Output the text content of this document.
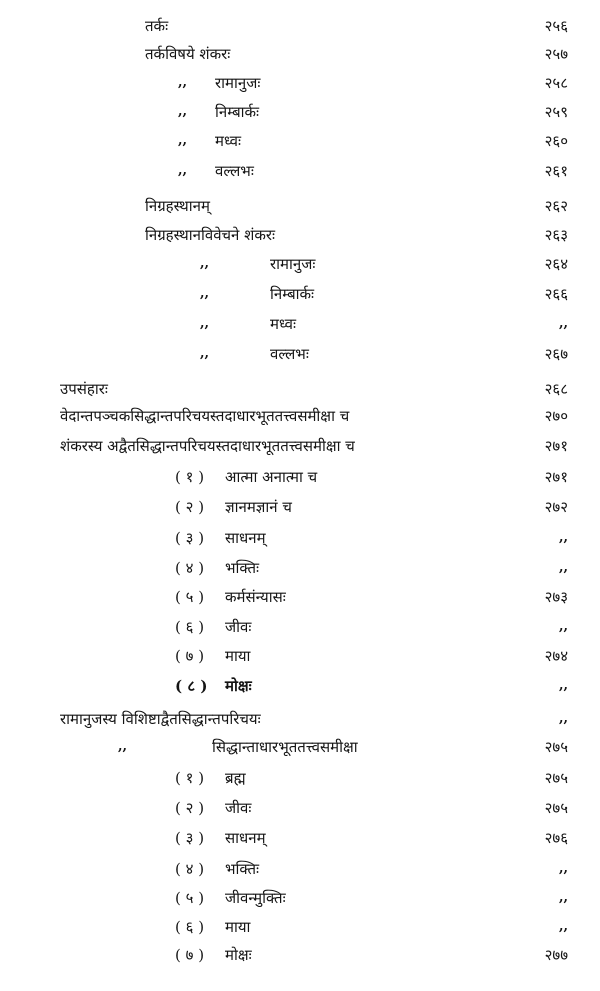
तर्कः	२५६
तर्कविषये शंकरः	२५७
,, रामानुजः	२५८
,, निम्बार्कः	२५९
,, मध्वः	२६०
,, वल्लभः	२६१
निग्रहस्थानम्	२६२
निग्रहस्थानविवेचने शंकरः	२६३
,,	रामानुजः	२६४
,,	निम्बार्कः	२६६
,,	मध्वः	,,
,,	वल्लभः	२६७
उपसंहारः	२६८
वेदान्तपञ्चकसिद्धान्तपरिचयस्तदाधारभूततत्त्वसमीक्षा च	२७०
शंकरस्य अद्वैतसिद्धान्तपरिचयस्तदाधारभूततत्त्वसमीक्षा च	२७१
( १ ) आत्मा अनात्मा च	२७१
( २ ) ज्ञानमज्ञानं च	२७२
( ३ ) साधनम्	,,
( ४ ) भक्तिः	,,
( ५ ) कर्मसंन्यासः	२७३
( ६ ) जीवः	,,
( ७ ) माया	२७४
( ८ ) मोक्षः	,,
रामानुजस्य विशिष्टाद्वैतसिद्धान्तपरिचयः	,,
,,	सिद्धान्ताधारभूततत्त्वसमीक्षा	२७५
( १ ) ब्रह्म	२७५
( २ ) जीवः	२७५
( ३ ) साधनम्	२७६
( ४ ) भक्तिः	,,
( ५ ) जीवन्मुक्तिः	,,
( ६ ) माया	,,
( ७ ) मोक्षः	२७७
